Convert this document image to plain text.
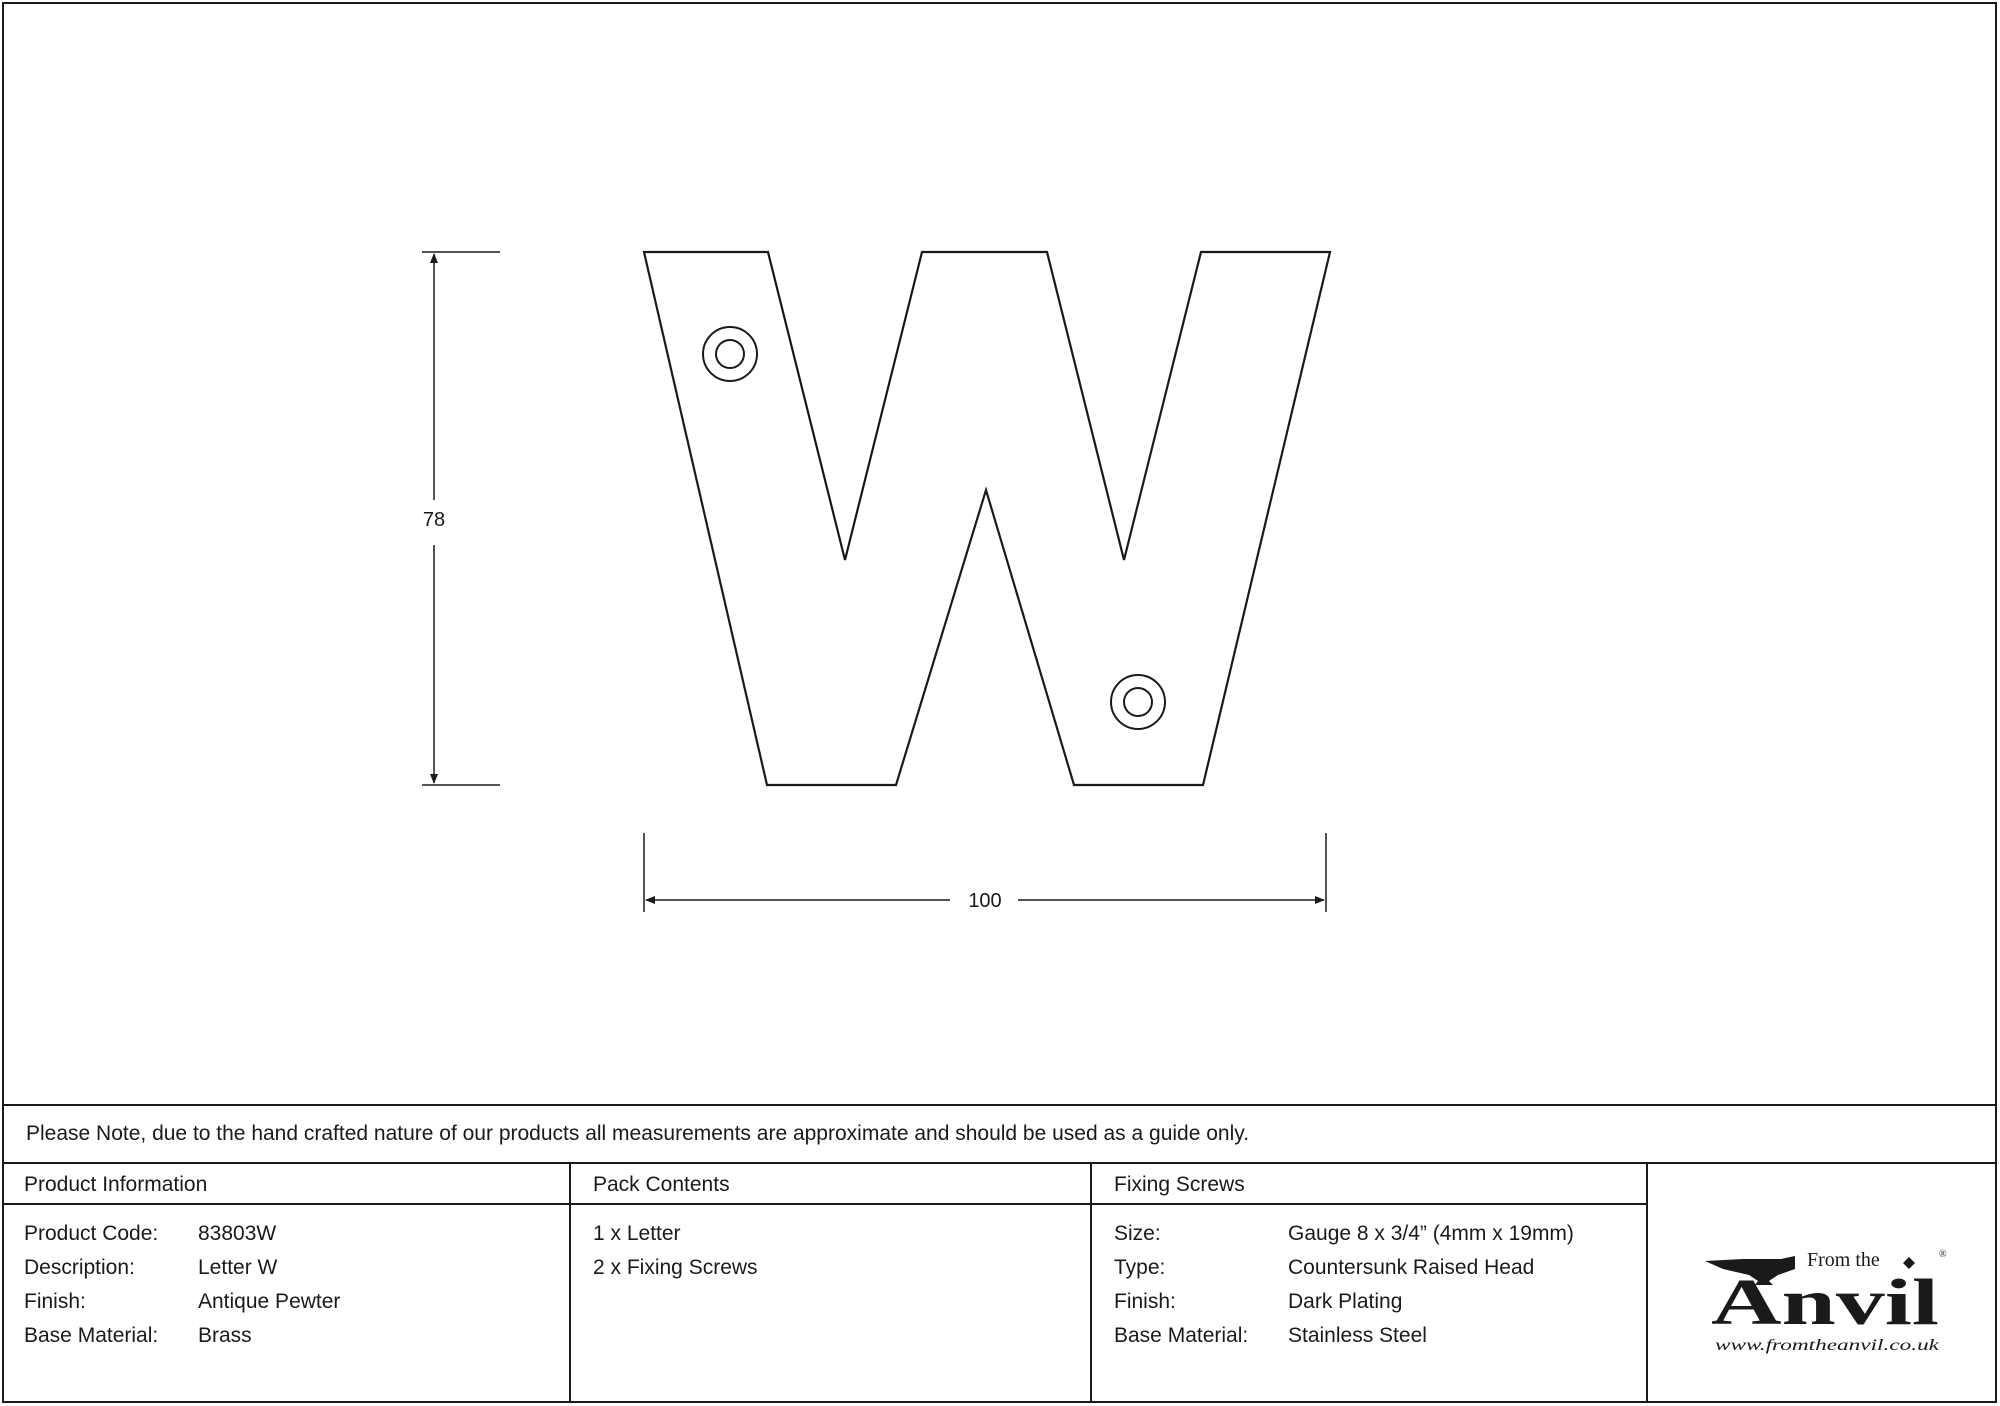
78
100
Please Note, due to the hand crafted nature of our products all measurements are approximate and should be used as a guide only.
Product Information
Product Code: 83803W
Description:	Letter W
Finish:	Antique Pewter
Base Material: Brass
Pack Contents
1 x Letter
2 x Fixing Screws
Fixing Screws
Size:	Gauge 8 x 3/4” (4mm x 19mm)
Type:	Countersunk Raised Head
Finish:	Dark Plating
Base Material: Stainless Steel
From the	®
Anvil
www.fromtheanvil.co.uk
